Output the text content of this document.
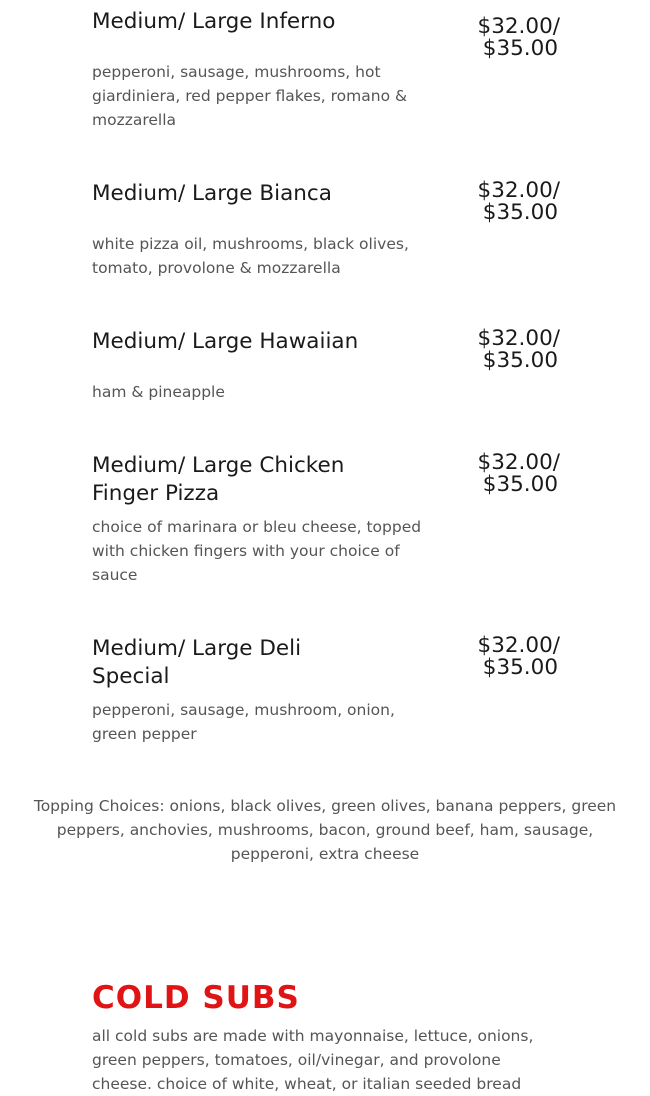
Medium/ Large Inferno	$32.00/
$35.00

pepperoni, sausage, mushrooms, hot giardiniera, red pepper flakes, romano & mozzarella

Medium/ Large Bianca	$32.00/
$35.00

white pizza oil, mushrooms, black olives, tomato, provolone & mozzarella

Medium/ Large Hawaiian	$32.00/
$35.00

ham & pineapple

Medium/ Large Chicken Finger Pizza
$32.00/
$35.00

choice of marinara or bleu cheese, topped with chicken fingers with your choice of sauce

Medium/ Large Deli Special
$32.00/
$35.00

pepperoni, sausage, mushroom, onion, green pepper

Topping Choices: onions, black olives, green olives, banana peppers, green peppers, anchovies, mushrooms, bacon, ground beef, ham, sausage, pepperoni, extra cheese

COLD SUBS

all cold subs are made with mayonnaise, lettuce, onions, green peppers, tomatoes, oil/vinegar, and provolone cheese. choice of white, wheat, or italian seeded bread
